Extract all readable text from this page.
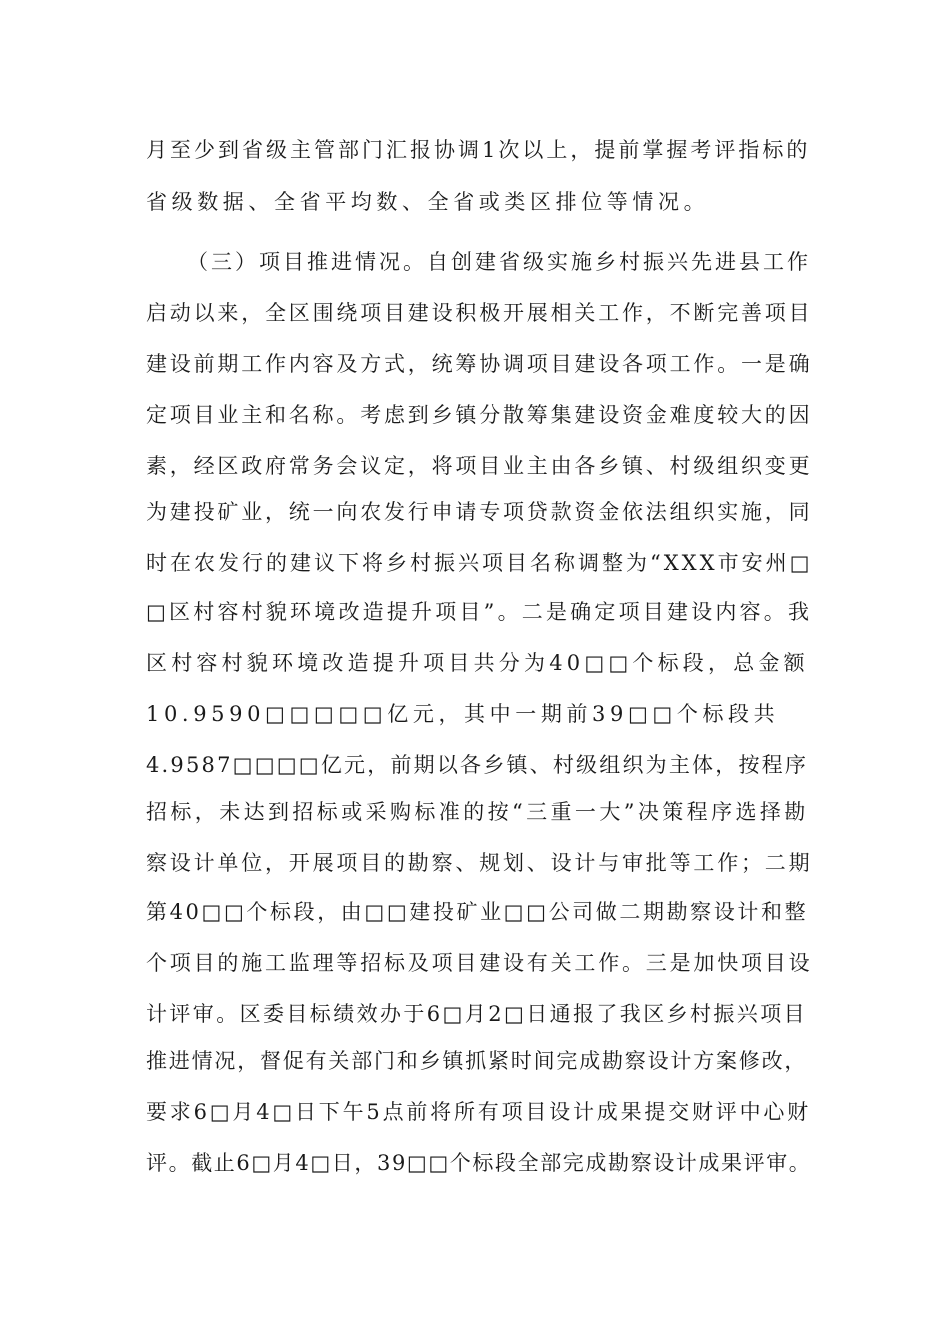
月至少到省级主管部门汇报协调1次以上，提前掌握考评指标的
省级数据、全省平均数、全省或类区排位等情况。
（三）项目推进情况。自创建省级实施乡村振兴先进县工作
启动以来，全区围绕项目建设积极开展相关工作，不断完善项目
建设前期工作内容及方式，统筹协调项目建设各项工作。一是确
定项目业主和名称。考虑到乡镇分散筹集建设资金难度较大的因
素，经区政府常务会议定，将项目业主由各乡镇、村级组织变更
为建投矿业，统一向农发行申请专项贷款资金依法组织实施，同
时在农发行的建议下将乡村振兴项目名称调整为“XXX市安州□
□区村容村貌环境改造提升项目”。二是确定项目建设内容。我
区村容村貌环境改造提升项目共分为40□□个标段，总金额
10.9590□□□□□亿元，其中一期前39□□个标段共
4.9587□□□□亿元，前期以各乡镇、村级组织为主体，按程序
招标，未达到招标或采购标准的按“三重一大”决策程序选择勘
察设计单位，开展项目的勘察、规划、设计与审批等工作；二期
第40□□个标段，由□□建投矿业□□公司做二期勘察设计和整
个项目的施工监理等招标及项目建设有关工作。三是加快项目设
计评审。区委目标绩效办于6□月2□日通报了我区乡村振兴项目
推进情况，督促有关部门和乡镇抓紧时间完成勘察设计方案修改，
要求6□月4□日下午5点前将所有项目设计成果提交财评中心财
评。截止6□月4□日，39□□个标段全部完成勘察设计成果评审。
